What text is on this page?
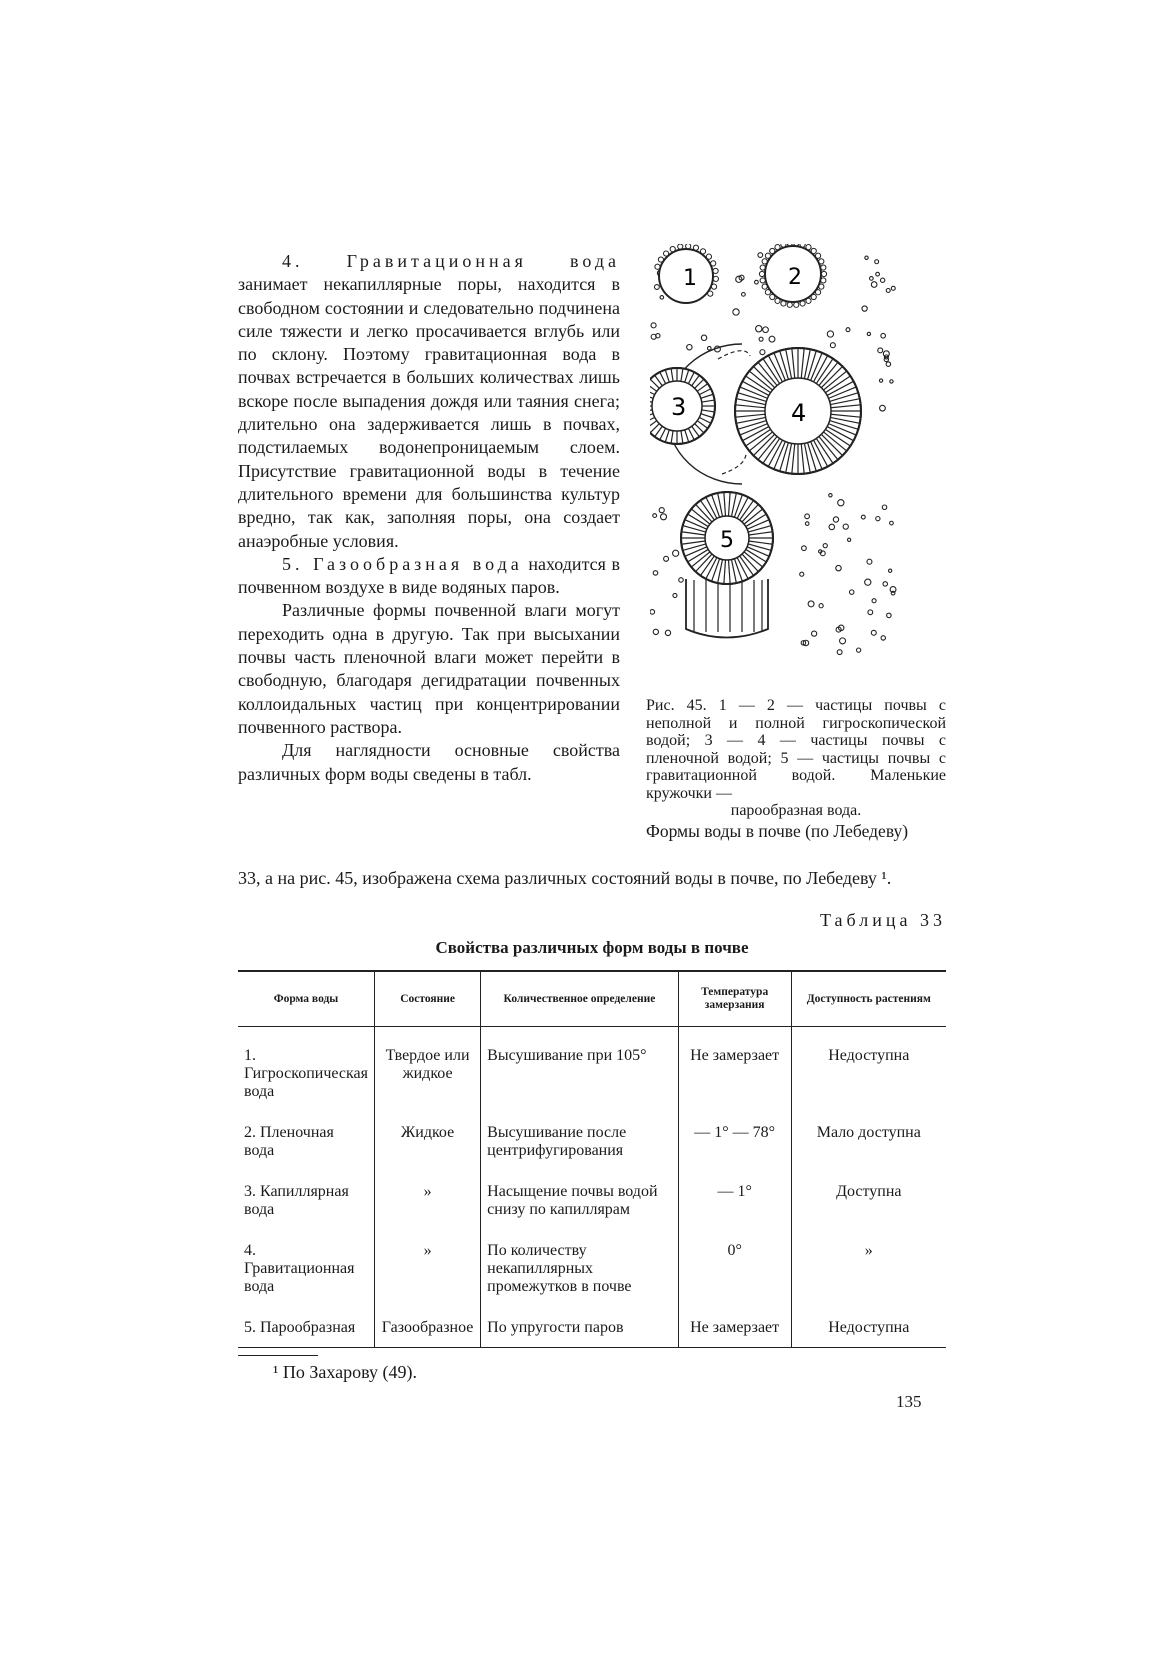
4. Гравитационная вода занимает некапиллярные поры, находится в свободном состоянии и следовательно подчинена силе тяжести и легко просачивается вглубь или по склону. Поэтому гравитационная вода в почвах встречается в больших количествах лишь вскоре после выпадения дождя или таяния снега; длительно она задерживается лишь в почвах, подстилаемых водонепроницаемым слоем. Присутствие гравитационной воды в течение длительного времени для большинства культур вредно, так как, заполняя поры, она создает анаэробные условия.

5. Газообразная вода находится в почвенном воздухе в виде водяных паров.

Различные формы почвенной влаги могут переходить одна в другую. Так при высыхании почвы часть пленочной влаги может перейти в свободную, благодаря дегидратации почвенных коллоидальных частиц при концентрировании почвенного раствора.

Для наглядности основные свойства различных форм воды сведены в табл.

1	2
3	4
5
Рис. 45. 1 — 2 — частицы почвы с неполной и полной гигроскопической водой; 3 — 4 — частицы почвы с пленочной водой; 5 — частицы почвы с гравитационной водой. Маленькие кружочки —
парообразная вода.
Формы воды в почве (по Лебедеву)
33, а на рис. 45, изображена схема различных состояний воды в почве, по Лебедеву ¹.
Таблица 33
Свойства различных форм воды в почве
Форма воды	Состояние	Количественное определение	Температура замерзания	Доступность растениям
1. Гигроскопическая вода	Твердое или жидкое	Высушивание при 105°	Не замерзает	Недоступна
2. Пленочная вода	Жидкое	Высушивание после центрифугирования	— 1° — 78°	Мало доступна
3. Капиллярная вода	»	Насыщение почвы водой снизу по капиллярам	— 1°	Доступна
4. Гравитационная вода	»	По количеству некапиллярных промежутков в почве	0°	»
5. Парообразная	Газообразное	По упругости паров	Не замерзает	Недоступна
¹ По Захарову (49).
135
